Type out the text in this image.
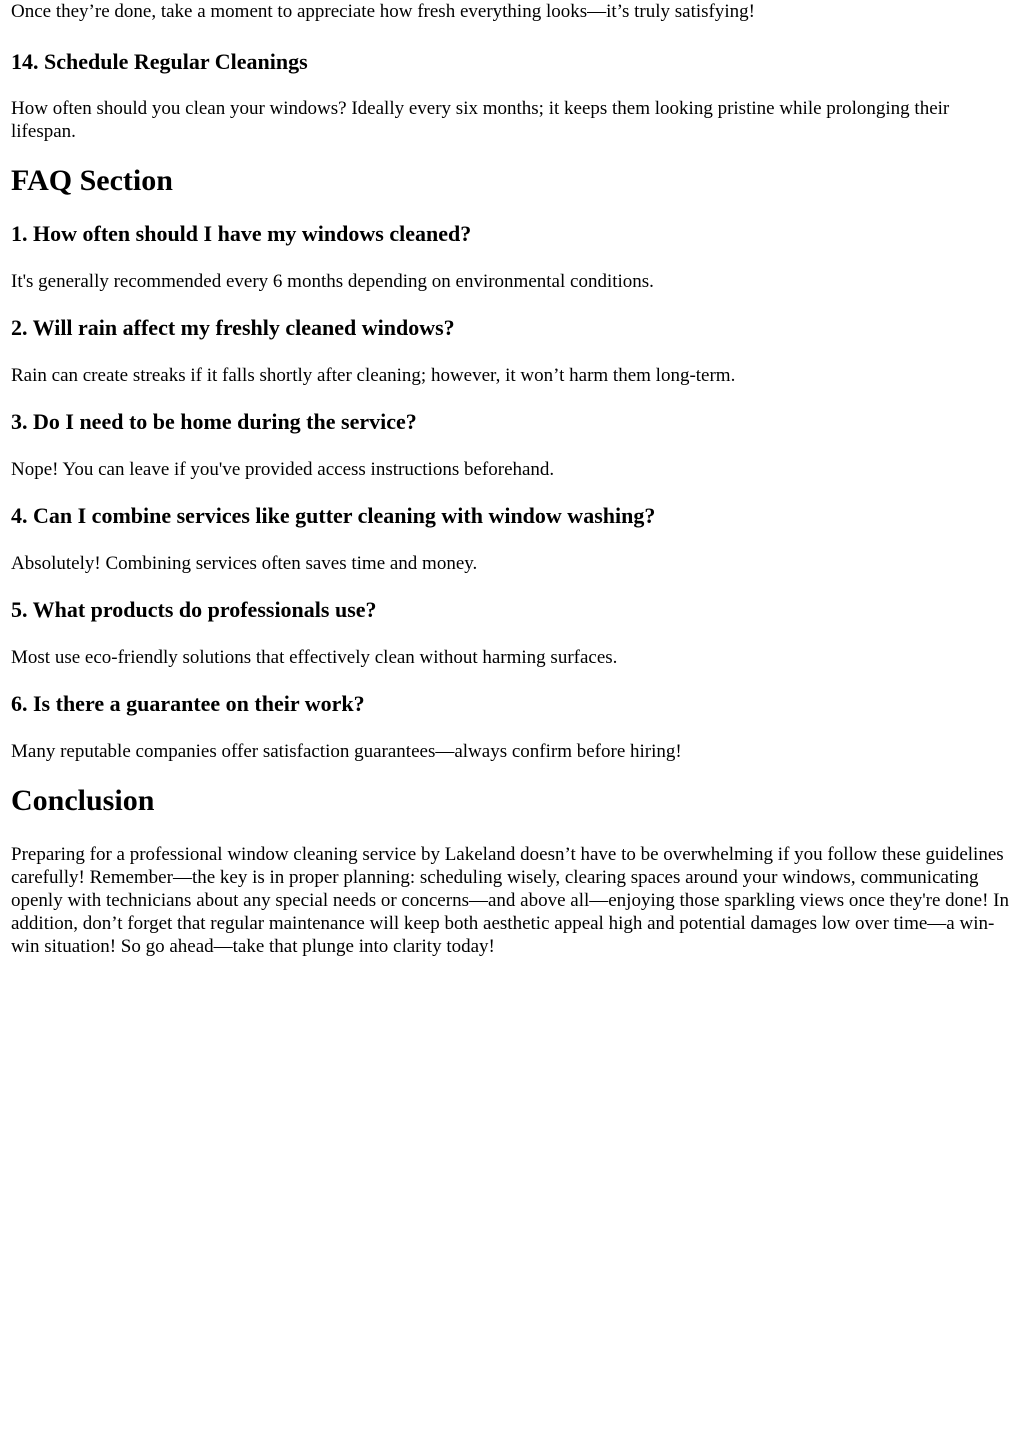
Once they’re done, take a moment to appreciate how fresh everything looks—it’s truly satisfying!

14. Schedule Regular Cleanings

How often should you clean your windows? Ideally every six months; it keeps them looking pristine while prolonging their lifespan.

FAQ Section
1. How often should I have my windows cleaned?

It's generally recommended every 6 months depending on environmental conditions.

2. Will rain affect my freshly cleaned windows?

Rain can create streaks if it falls shortly after cleaning; however, it won’t harm them long-term.

3. Do I need to be home during the service?

Nope! You can leave if you've provided access instructions beforehand.

4. Can I combine services like gutter cleaning with window washing?

Absolutely! Combining services often saves time and money.

5. What products do professionals use?

Most use eco-friendly solutions that effectively clean without harming surfaces.

6. Is there a guarantee on their work?

Many reputable companies offer satisfaction guarantees—always confirm before hiring!

Conclusion

Preparing for a professional window cleaning service by Lakeland doesn’t have to be overwhelming if you follow these guidelines carefully! Remember—the key is in proper planning: scheduling wisely, clearing spaces around your windows, communicating openly with technicians about any special needs or concerns—and above all—enjoying those sparkling views once they're done! In addition, don’t forget that regular maintenance will keep both aesthetic appeal high and potential damages low over time—a win-win situation! So go ahead—take that plunge into clarity today!
